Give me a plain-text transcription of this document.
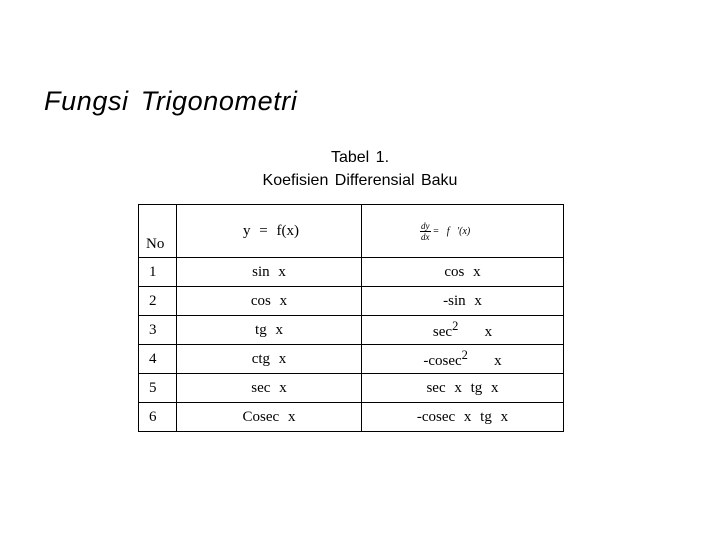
Fungsi Trigonometri
Tabel 1.
Koefisien Differensial Baku
No	y = f(x)	$\frac{dy}{dx} = f$ '(x)
1	sin x	cos x
2	cos x	-sin x
3	tg x	$\sec^2 x$
4	ctg x	-cosec$^2$ x
5	sec x	sec x tg x
6	Cosec x	-cosec x tg x
